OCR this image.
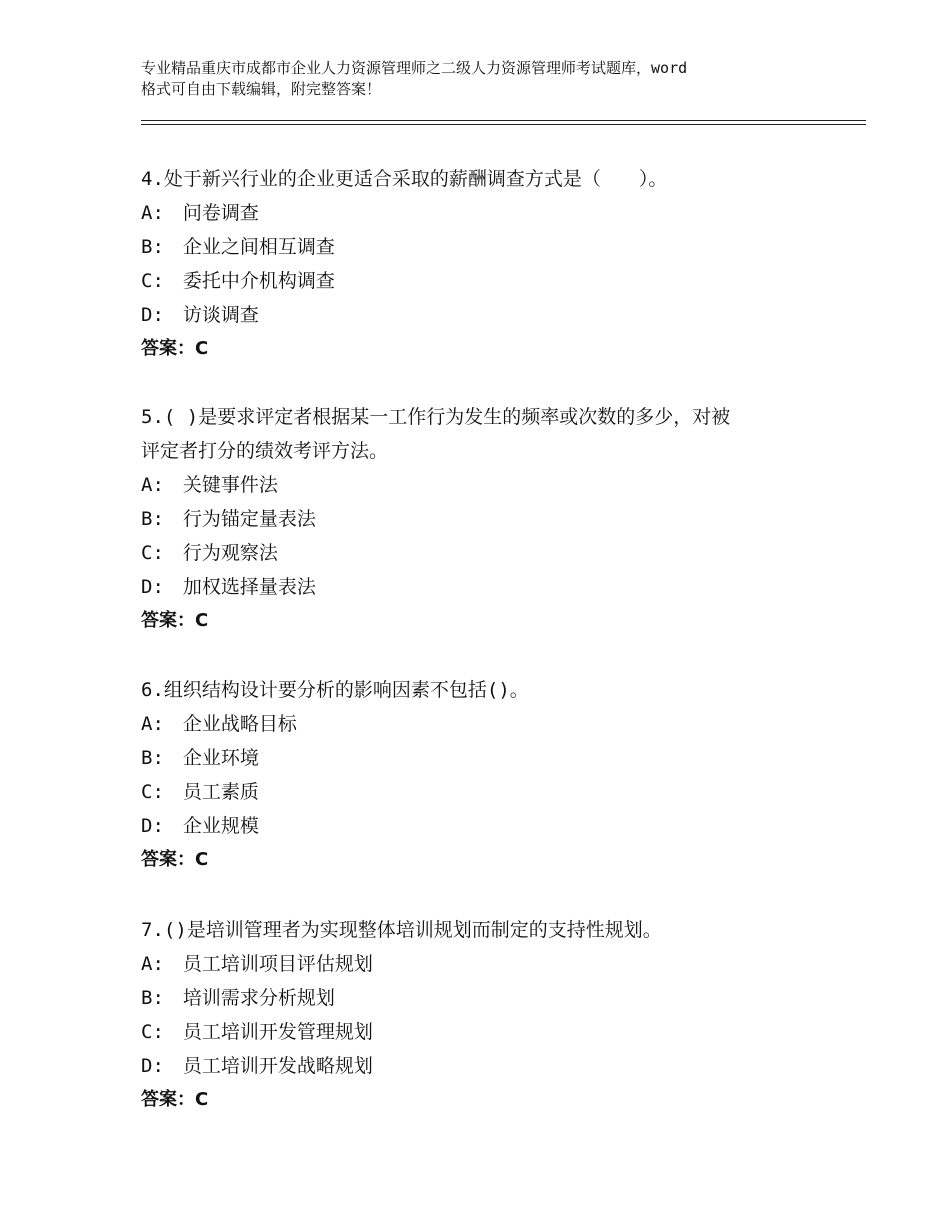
专业精品重庆市成都市企业人力资源管理师之二级人力资源管理师考试题库，word
格式可自由下载编辑，附完整答案！
4.处于新兴行业的企业更适合采取的薪酬调查方式是（　　）。
A:　问卷调查
B:　企业之间相互调查
C:　委托中介机构调查
D:　访谈调查
答案：C
5.( )是要求评定者根据某一工作行为发生的频率或次数的多少，对被
评定者打分的绩效考评方法。
A:　关键事件法
B:　行为锚定量表法
C:　行为观察法
D:　加权选择量表法
答案：C
6.组织结构设计要分析的影响因素不包括()。
A:　企业战略目标
B:　企业环境
C:　员工素质
D:　企业规模
答案：C
7.()是培训管理者为实现整体培训规划而制定的支持性规划。
A:　员工培训项目评估规划
B:　培训需求分析规划
C:　员工培训开发管理规划
D:　员工培训开发战略规划
答案：C
